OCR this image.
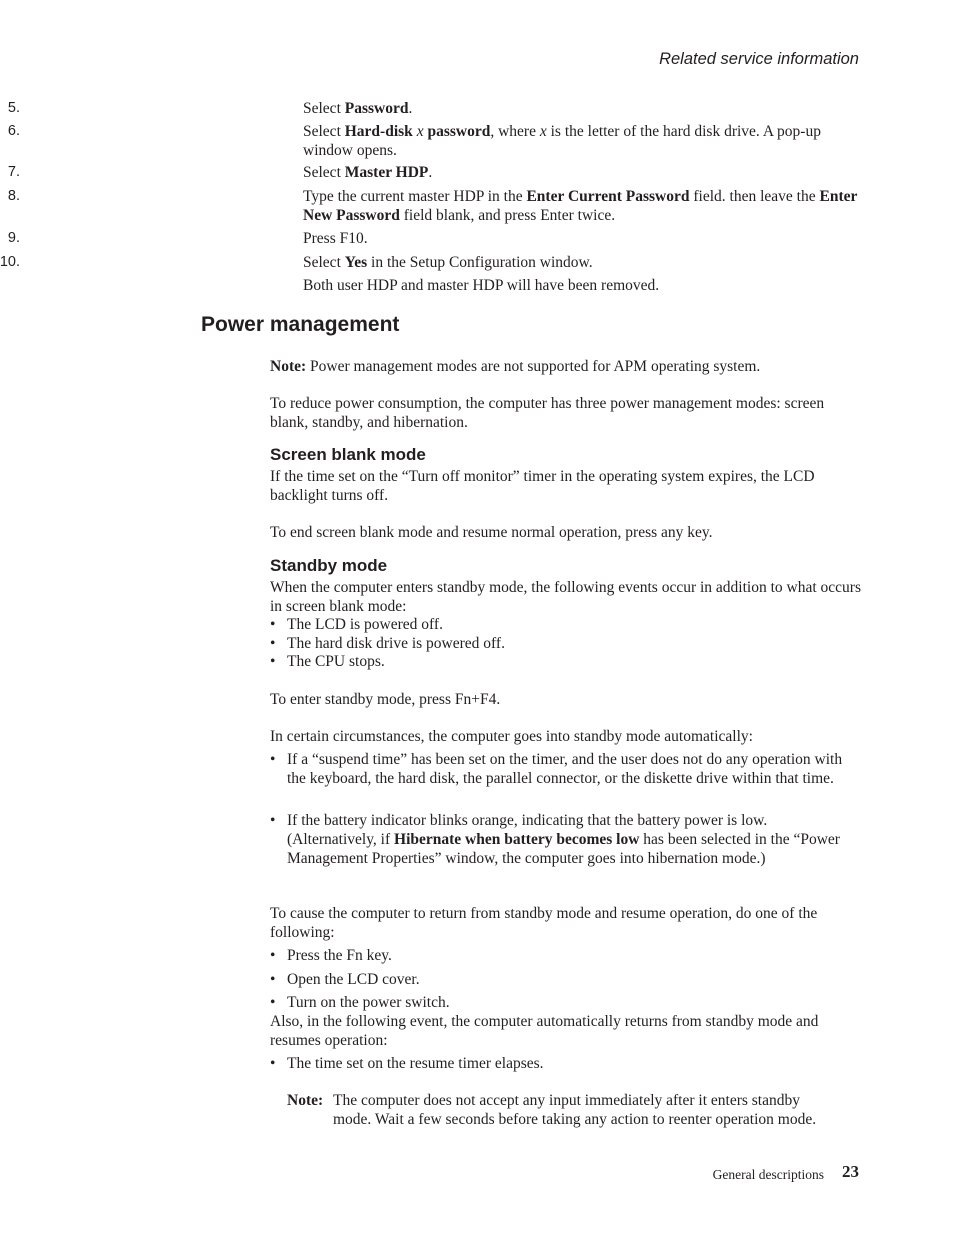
Related service information
5.	Select Password.
6.	Select Hard-disk x password, where x is the letter of the hard disk drive. A pop-up window opens.
7.	Select Master HDP.
8.	Type the current master HDP in the Enter Current Password field. then leave the Enter New Password field blank, and press Enter twice.
9.	Press F10.
10.	Select Yes in the Setup Configuration window.
Both user HDP and master HDP will have been removed.
Power management

Note: Power management modes are not supported for APM operating system.

To reduce power consumption, the computer has three power management modes: screen blank, standby, and hibernation.

Screen blank mode

If the time set on the “Turn off monitor” timer in the operating system expires, the LCD backlight turns off.

To end screen blank mode and resume normal operation, press any key.

Standby mode

When the computer enters standby mode, the following events occur in addition to what occurs in screen blank mode:

• The LCD is powered off.
• The hard disk drive is powered off.
• The CPU stops.

To enter standby mode, press Fn+F4.

In certain circumstances, the computer goes into standby mode automatically:

• If a “suspend time” has been set on the timer, and the user does not do any operation with the keyboard, the hard disk, the parallel connector, or the diskette drive within that time.
• If the battery indicator blinks orange, indicating that the battery power is low. (Alternatively, if Hibernate when battery becomes low has been selected in the “Power Management Properties” window, the computer goes into hibernation mode.)

To cause the computer to return from standby mode and resume operation, do one of the following:

• Press the Fn key.
• Open the LCD cover.
• Turn on the power switch.

Also, in the following event, the computer automatically returns from standby mode and resumes operation:

• The time set on the resume timer elapses.
Note: The computer does not accept any input immediately after it enters standby mode. Wait a few seconds before taking any action to reenter operation mode.
General descriptions 23
